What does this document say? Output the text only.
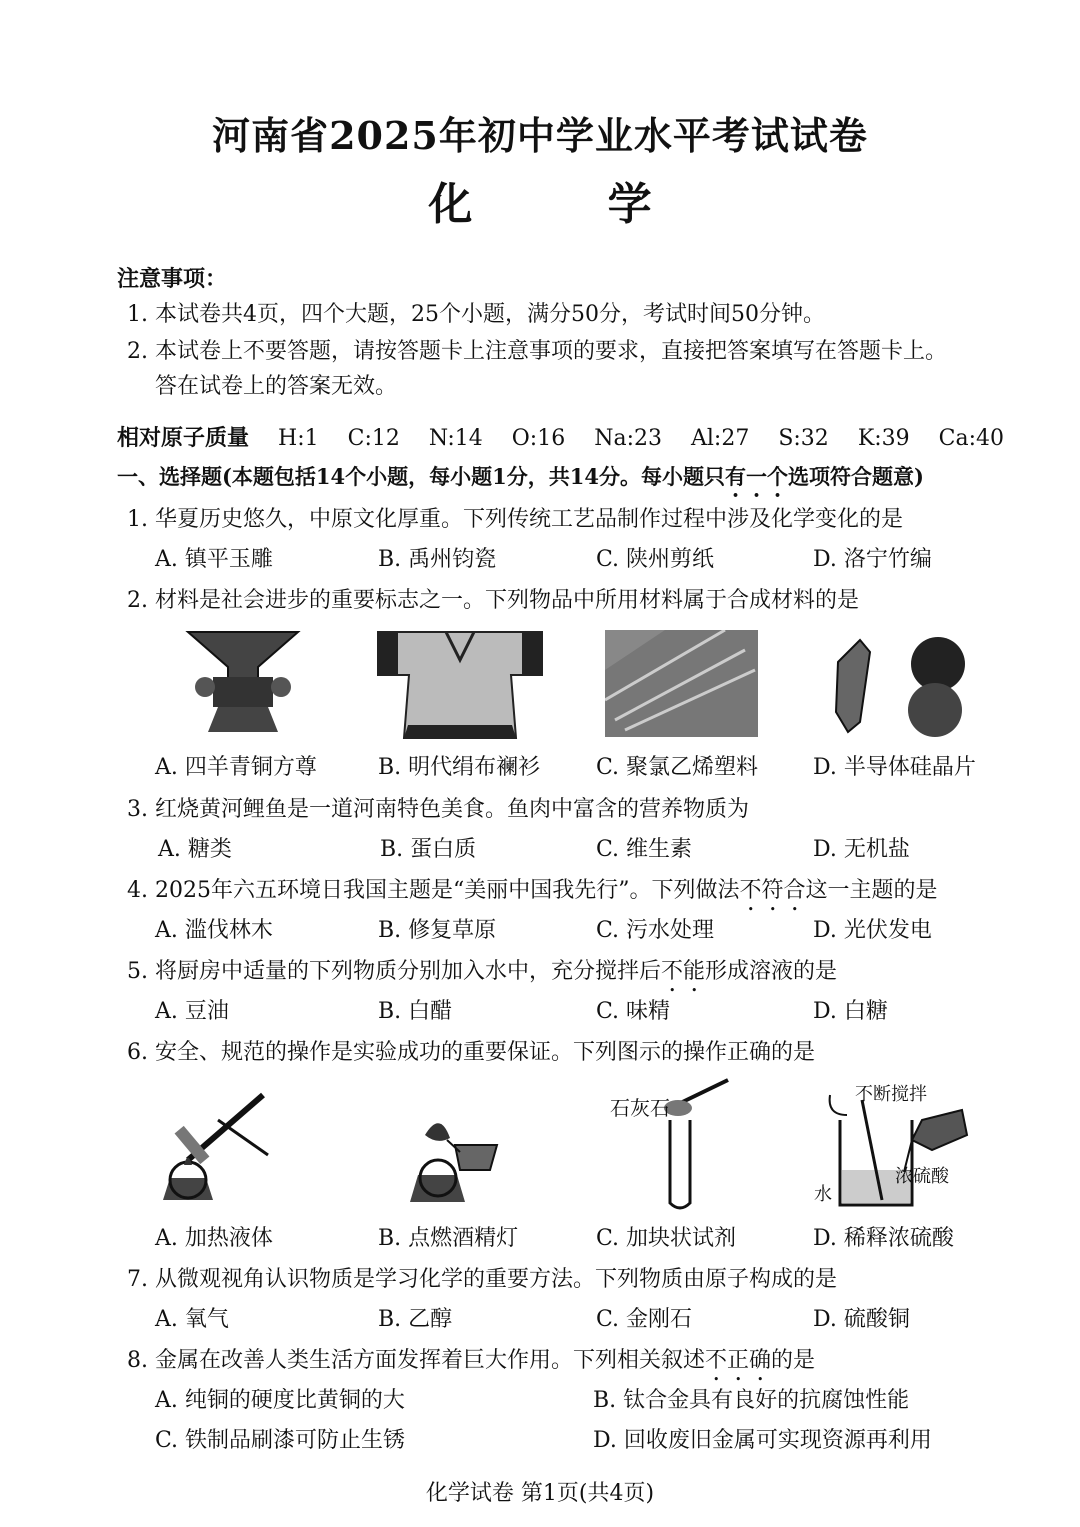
河南省2025年初中学业水平考试试卷
化 学
注意事项：
1. 本试卷共4页，四个大题，25个小题，满分50分，考试时间50分钟。
2. 本试卷上不要答题，请按答题卡上注意事项的要求，直接把答案填写在答题卡上。
答在试卷上的答案无效。
相对原子质量 H:1 C:12 N:14 O:16 Na:23 Al:27 S:32 K:39 Ca:40
一、选择题(本题包括14个小题，每小题1分，共14分。每小题只有一个选项符合题意)
1. 华夏历史悠久，中原文化厚重。下列传统工艺品制作过程中涉及化学变化的是
A. 镇平玉雕	B. 禹州钧瓷	C. 陕州剪纸	D. 洛宁竹编
2. 材料是社会进步的重要标志之一。下列物品中所用材料属于合成材料的是
A. 四羊青铜方尊	B. 明代绢布襕衫	C. 聚氯乙烯塑料 D. 半导体硅晶片
3. 红烧黄河鲤鱼是一道河南特色美食。鱼肉中富含的营养物质为
A. 糖类	B. 蛋白质	C. 维生素	D. 无机盐
4. 2025年六五环境日我国主题是“美丽中国我先行”。下列做法不符合这一主题的是
A. 滥伐林木	B. 修复草原	C. 污水处理	D. 光伏发电
5. 将厨房中适量的下列物质分别加入水中，充分搅拌后不能形成溶液的是
A. 豆油	B. 白醋	C. 味精	D. 白糖
6. 安全、规范的操作是实验成功的重要保证。下列图示的操作正确的是
石灰石
不断搅拌
浓硫酸
水
A. 加热液体	B. 点燃酒精灯	C. 加块状试剂	D. 稀释浓硫酸
7. 从微观视角认识物质是学习化学的重要方法。下列物质由原子构成的是
A. 氧气	B. 乙醇	C. 金刚石	D. 硫酸铜
8. 金属在改善人类生活方面发挥着巨大作用。下列相关叙述不正确的是
A. 纯铜的硬度比黄铜的大	B. 钛合金具有良好的抗腐蚀性能
C. 铁制品刷漆可防止生锈	D. 回收废旧金属可实现资源再利用
化学试卷 第1页(共4页)
